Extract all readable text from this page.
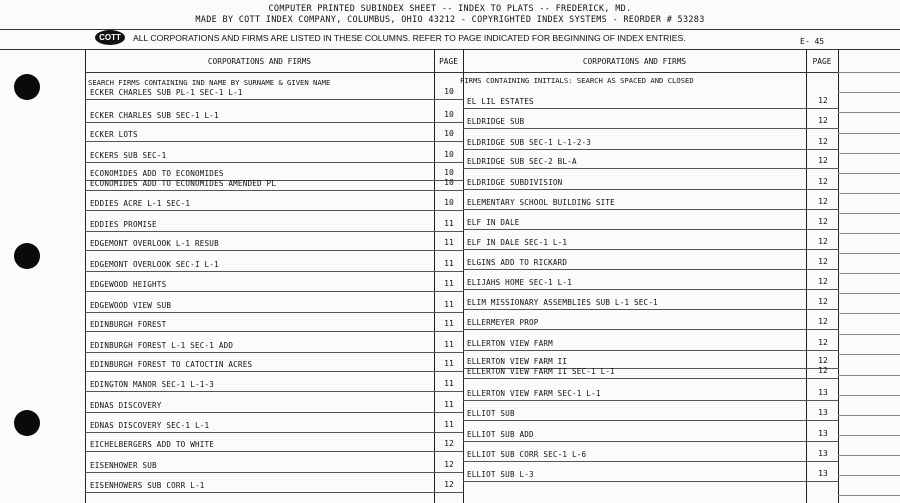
COMPUTER PRINTED SUBINDEX SHEET -- INDEX TO PLATS -- FREDERICK, MD.
MADE BY COTT INDEX COMPANY, COLUMBUS, OHIO 43212 - COPYRIGHTED INDEX SYSTEMS - REORDER # 53283
COTT	ALL CORPORATIONS AND FIRMS ARE LISTED IN THESE COLUMNS. REFER TO PAGE INDICATED FOR BEGINNING OF INDEX ENTRIES.	E- 45
CORPORATIONS AND FIRMS	PAGE	CORPORATIONS AND FIRMS	PAGE
SEARCH FIRMS CONTAINING IND NAME BY SURNAME & GIVEN NAME	FIRMS CONTAINING INITIALS: SEARCH AS SPACED AND CLOSED
ECKER CHARLES SUB PL-1 SEC-1 L-1	10
ECKER CHARLES SUB SEC-1 L-1	10
ECKER LOTS	10
ECKERS SUB SEC-1	10
ECONOMIDES ADD TO ECONOMIDES	10
ECONOMIDES ADD TO ECONOMIDES AMENDED PL	10
EDDIES ACRE L-1 SEC-1	10
EDDIES PROMISE	11
EDGEMONT OVERLOOK L-1 RESUB	11
EDGEMONT OVERLOOK SEC-I L-1	11
EDGEWOOD HEIGHTS	11
EDGEWOOD VIEW SUB	11
EDINBURGH FOREST	11
EDINBURGH FOREST L-1 SEC-1 ADD	11
EDINBURGH FOREST TO CATOCTIN ACRES	11
EDINGTON MANOR SEC-1 L-1-3	11
EDNAS DISCOVERY	11
EDNAS DISCOVERY SEC-1 L-1	11
EICHELBERGERS ADD TO WHITE	12
EISENHOWER SUB	12
EISENHOWERS SUB CORR L-1	12
EL LIL ESTATES	12
ELDRIDGE SUB	12
ELDRIDGE SUB SEC-1 L-1-2-3	12
ELDRIDGE SUB SEC-2 BL-A	12
ELDRIDGE SUBDIVISION	12
ELEMENTARY SCHOOL BUILDING SITE	12
ELF IN DALE	12
ELF IN DALE SEC-1 L-1	12
ELGINS ADD TO RICKARD	12
ELIJAHS HOME SEC-1 L-1	12
ELIM MISSIONARY ASSEMBLIES SUB L-1 SEC-1	12
ELLERMEYER PROP	12
ELLERTON VIEW FARM	12
ELLERTON VIEW FARM II	12
ELLERTON VIEW FARM II SEC-1 L-1	12
ELLERTON VIEW FARM SEC-1 L-1	13
ELLIOT SUB	13
ELLIOT SUB ADD	13
ELLIOT SUB CORR SEC-1 L-6	13
ELLIOT SUB L-3	13
